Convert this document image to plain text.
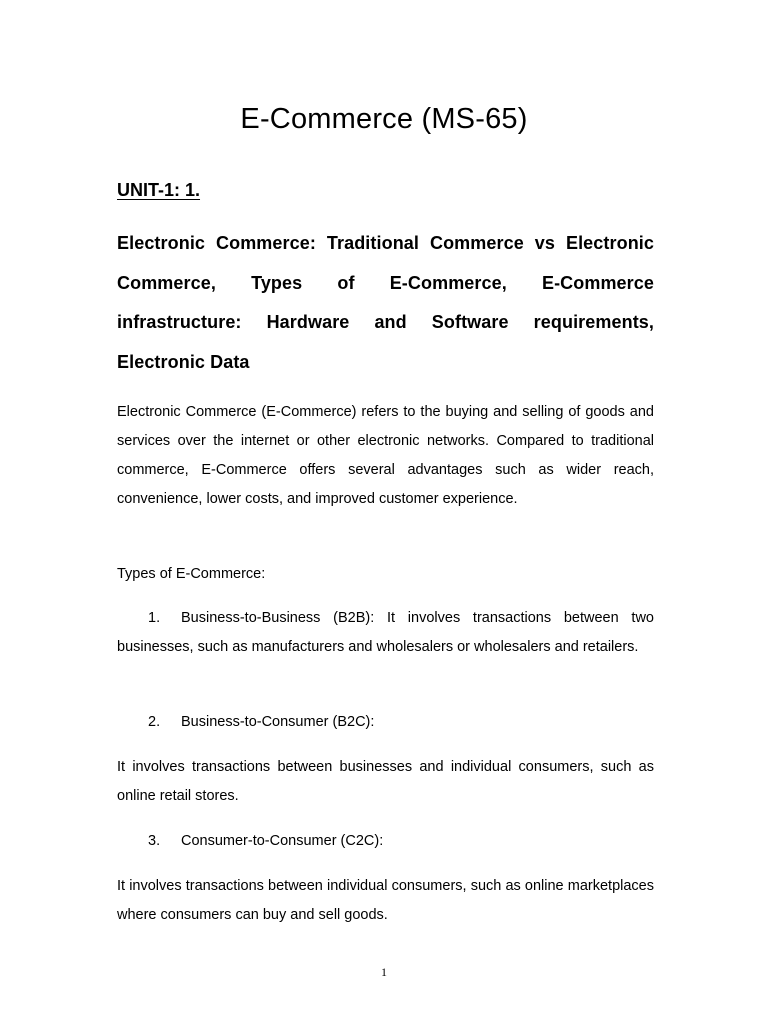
E-Commerce (MS-65)

UNIT-1: 1.

Electronic Commerce: Traditional Commerce vs Electronic Commerce, Types of E-Commerce, E-Commerce infrastructure: Hardware and Software requirements, Electronic Data

Electronic Commerce (E-Commerce) refers to the buying and selling of goods and services over the internet or other electronic networks. Compared to traditional commerce, E-Commerce offers several advantages such as wider reach, convenience, lower costs, and improved customer experience.

Types of E-Commerce:

1. Business-to-Business (B2B): It involves transactions between two businesses, such as manufacturers and wholesalers or wholesalers and retailers.

2. Business-to-Consumer (B2C):

It involves transactions between businesses and individual consumers, such as online retail stores.

3. Consumer-to-Consumer (C2C):

It involves transactions between individual consumers, such as online marketplaces where consumers can buy and sell goods.

1
